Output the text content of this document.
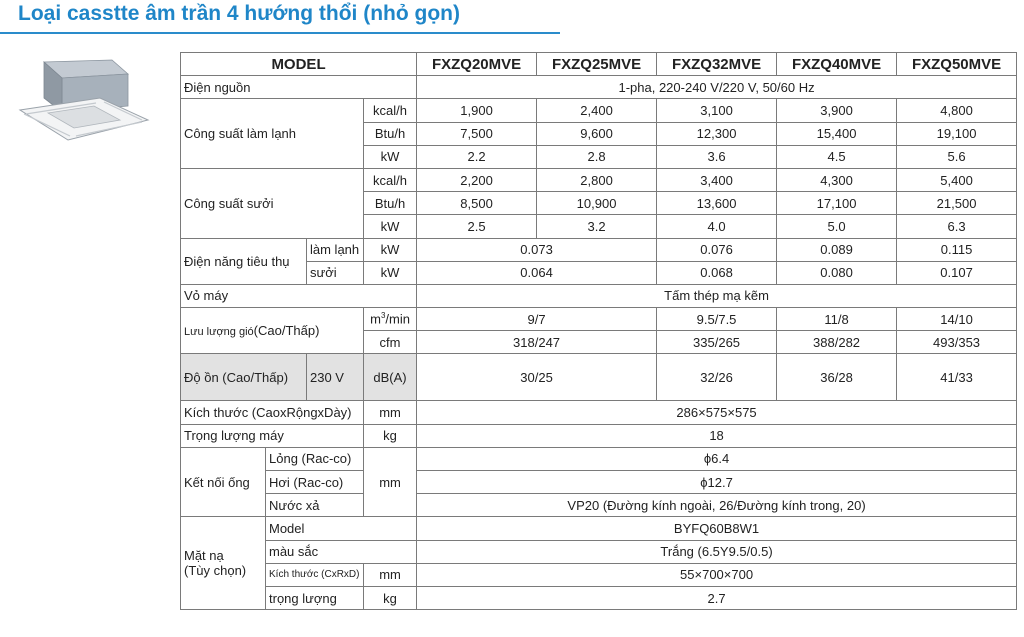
Loại casstte âm trần 4 hướng thổi (nhỏ gọn)
MODEL				FXZQ20MVE	FXZQ25MVE	FXZQ32MVE	FXZQ40MVE	FXZQ50MVE
Điện nguồn				1-pha, 220-240 V/220 V, 50/60 Hz				
Công suất làm lạnh			kcal/h	1,900	2,400	3,100	3,900	4,800
			Btu/h	7,500	9,600	12,300	15,400	19,100
			kW	2.2	2.8	3.6	4.5	5.6
Công suất sưởi			kcal/h	2,200	2,800	3,400	4,300	5,400
			Btu/h	8,500	10,900	13,600	17,100	21,500
			kW	2.5	3.2	4.0	5.0	6.3
Điện năng tiêu thụ		làm lạnh	kW	0.073		0.076	0.089	0.115
		sưởi	kW	0.064		0.068	0.080	0.107
Vỏ máy				Tấm thép mạ kẽm				
Lưu lượng gió(Cao/Thấp)			$m^3/\min$	9/7		9.5/7.5	11/8	14/10
			cfm	318/247		335/265	388/282	493/353
Độ ồn (Cao/Thấp)		230 V	dB(A)	30/25		32/26	36/28	41/33
Kích thước (CaoxRộngxDày)			mm	286×575×575				
Trọng lượng máy			kg	18				
Kết nối ống	Lỏng (Rac-co)		mm	ϕ6.4				
	Hơi (Rac-co)			ϕ12.7				
	Nước xả			VP20 (Đường kính ngoài, 26/Đường kính trong, 20)				

Mặt nạ
(Tùy chọn)	Model			BYFQ60B8W1				
	màu sắc			Trắng (6.5Y9.5/0.5)				
	Kích thước (CxRxD)		mm	55×700×700				
	trọng lượng		kg	2.7				
